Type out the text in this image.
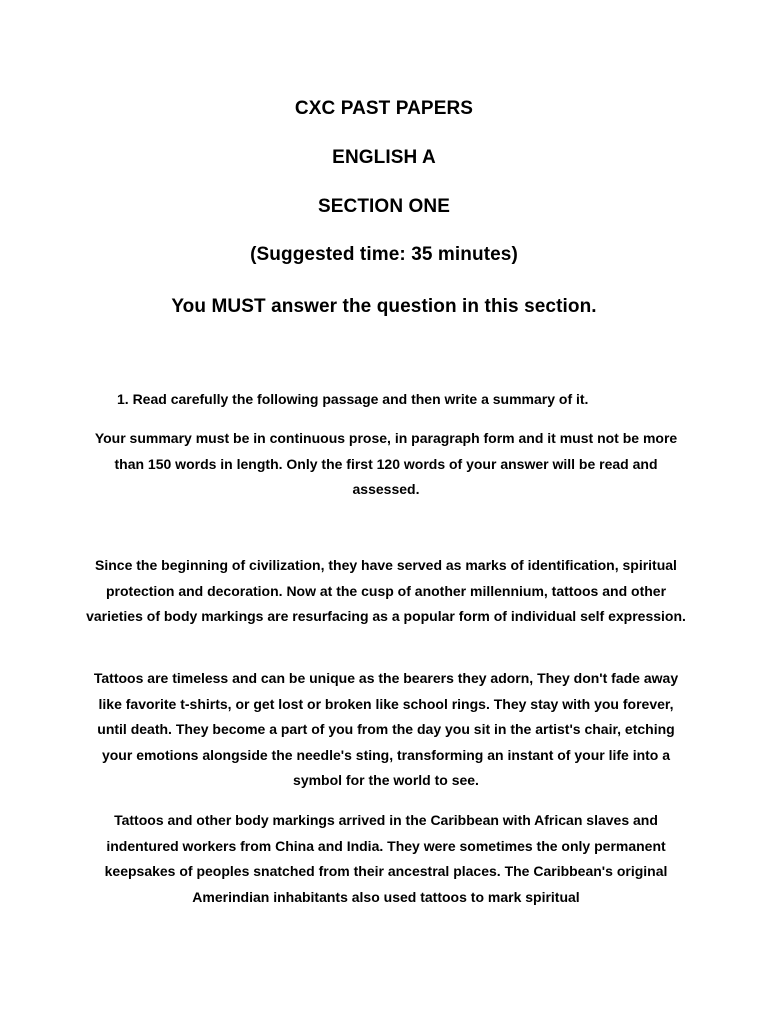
CXC PAST PAPERS
ENGLISH A
SECTION ONE
(Suggested time: 35 minutes)
You MUST answer the question in this section.
1. Read carefully the following passage and then write a summary of it.
Your summary must be in continuous prose, in paragraph form and it must not be more than 150 words in length. Only the first 120 words of your answer will be read and assessed.
Since the beginning of civilization, they have served as marks of identification, spiritual protection and decoration. Now at the cusp of another millennium, tattoos and other varieties of body markings are resurfacing as a popular form of individual self expression.
Tattoos are timeless and can be unique as the bearers they adorn, They don't fade away like favorite t-shirts, or get lost or broken like school rings. They stay with you forever, until death. They become a part of you from the day you sit in the artist's chair, etching your emotions alongside the needle's sting, transforming an instant of your life into a symbol for the world to see.
Tattoos and other body markings arrived in the Caribbean with African slaves and indentured workers from China and India. They were sometimes the only permanent keepsakes of peoples snatched from their ancestral places. The Caribbean's original Amerindian inhabitants also used tattoos to mark spiritual
